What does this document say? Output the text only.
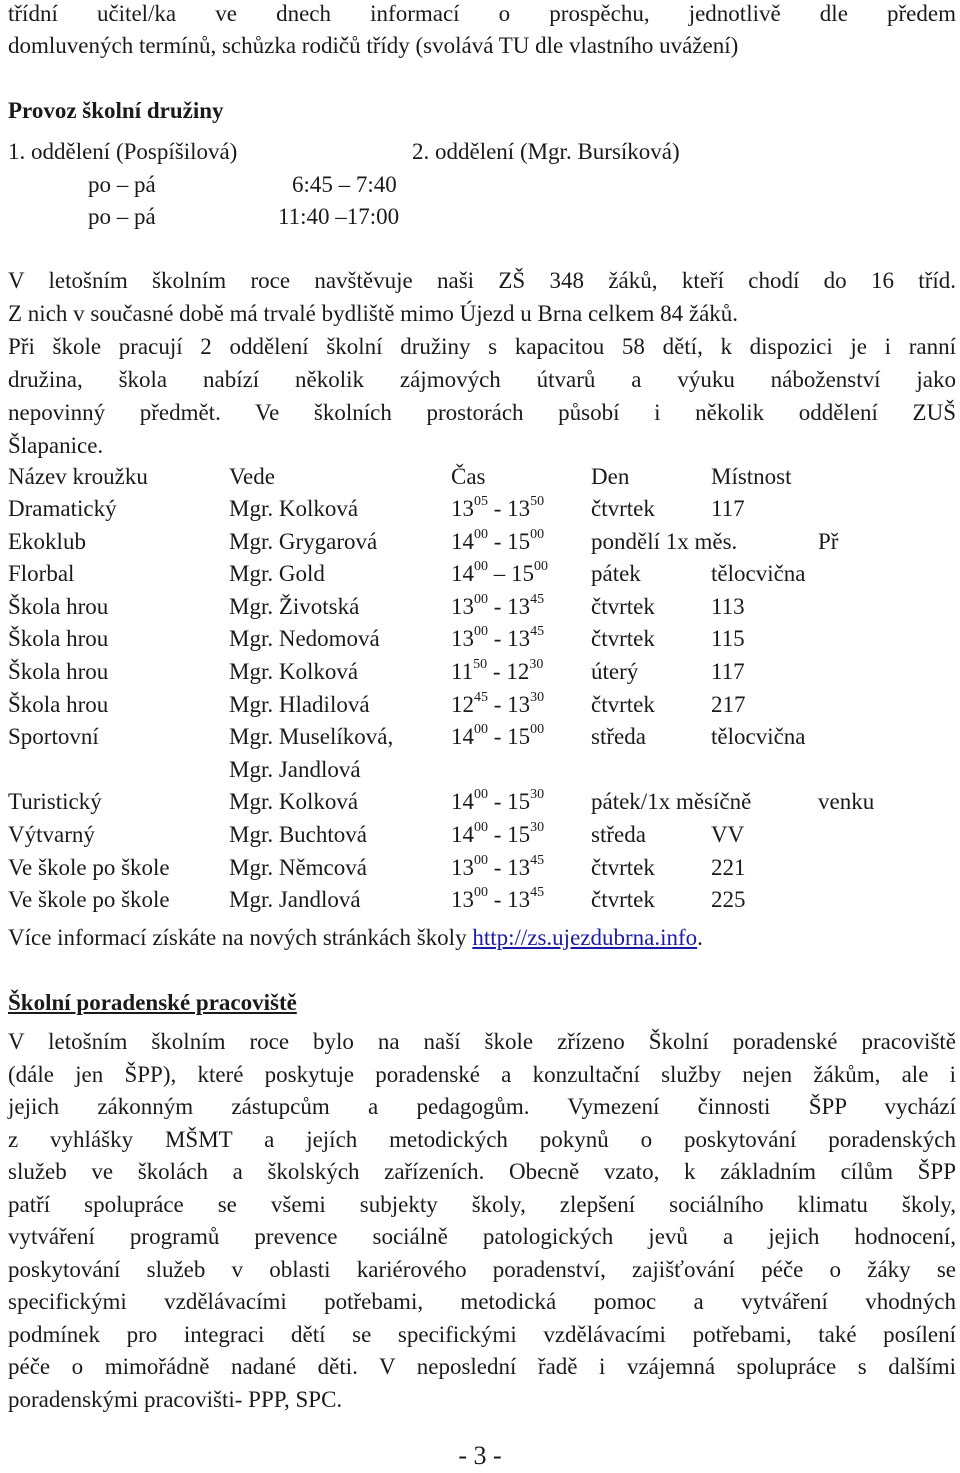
třídní učitel/ka ve dnech informací o prospěchu, jednotlivě dle předem
domluvených termínů, schůzka rodičů třídy (svolává TU dle vlastního uvážení)
Provoz školní družiny
1. oddělení (Pospíšilová)	2. oddělení (Mgr. Bursíková)
po – pá	6:45 – 7:40
po – pá	11:40 –17:00
V letošním školním roce navštěvuje naši ZŠ 348 žáků, kteří chodí do 16 tříd.
Z nich v současné době má trvalé bydliště mimo Újezd u Brna celkem 84 žáků.
Při škole pracují 2 oddělení školní družiny s kapacitou 58 dětí, k dispozici je i ranní
družina, škola nabízí několik zájmových útvarů a výuku náboženství jako
nepovinný předmět. Ve školních prostorách působí i několik oddělení ZUŠ
Šlapanice.
Název kroužku	Vede	Čas	Den	Místnost
Dramatický	Mgr. Kolková	$13^{05} - 13^{50}$ čtvrtek 117
Ekoklub	Mgr. Grygarová	$14^{00} - 15^{00}$ pondělí 1x měs.	Př
Florbal	Mgr. Gold	$14^{00} - 15^{00}$ pátek	tělocvična
Škola hrou	Mgr. Životská	$13^{00} - 13^{45}$ čtvrtek 113
Škola hrou	Mgr. Nedomová	$13^{00} - 13^{45}$ čtvrtek 115
Škola hrou	Mgr. Kolková	$11^{50} - 12^{30}$ úterý	117
Škola hrou	Mgr. Hladilová	$12^{45} - 13^{30}$ čtvrtek 217
Sportovní	Mgr. Muselíková,	$14^{00} - 15^{00}$ středa	tělocvična
Mgr. Jandlová
Turistický	Mgr. Kolková	$14^{00} - 15^{30}$ pátek/1x měsíčně	venku
Výtvarný	Mgr. Buchtová	$14^{00} - 15^{30}$ středa	VV
Ve škole po škole	Mgr. Němcová	$13^{00} - 13^{45}$ čtvrtek 221
Ve škole po škole	Mgr. Jandlová	$13^{00} - 13^{45}$ čtvrtek 225
Více informací získáte na nových stránkách školy http://zs.ujezdubrna.info.
Školní poradenské pracoviště
V letošním školním roce bylo na naší škole zřízeno Školní poradenské pracoviště
(dále jen ŠPP), které poskytuje poradenské a konzultační služby nejen žákům, ale i
jejich zákonným zástupcům a pedagogům. Vymezení činnosti ŠPP vychází
z vyhlášky MŠMT a jejích metodických pokynů o poskytování poradenských
služeb ve školách a školských zařízeních. Obecně vzato, k základním cílům ŠPP
patří spolupráce se všemi subjekty školy, zlepšení sociálního klimatu školy,
vytváření programů prevence sociálně patologických jevů a jejich hodnocení,
poskytování služeb v oblasti kariérového poradenství, zajišťování péče o žáky se
specifickými vzdělávacími potřebami, metodická pomoc a vytváření vhodných
podmínek pro integraci dětí se specifickými vzdělávacími potřebami, také posílení
péče o mimořádně nadané děti. V neposlední řadě i vzájemná spolupráce s dalšími
poradenskými pracovišti- PPP, SPC.
- 3 -
